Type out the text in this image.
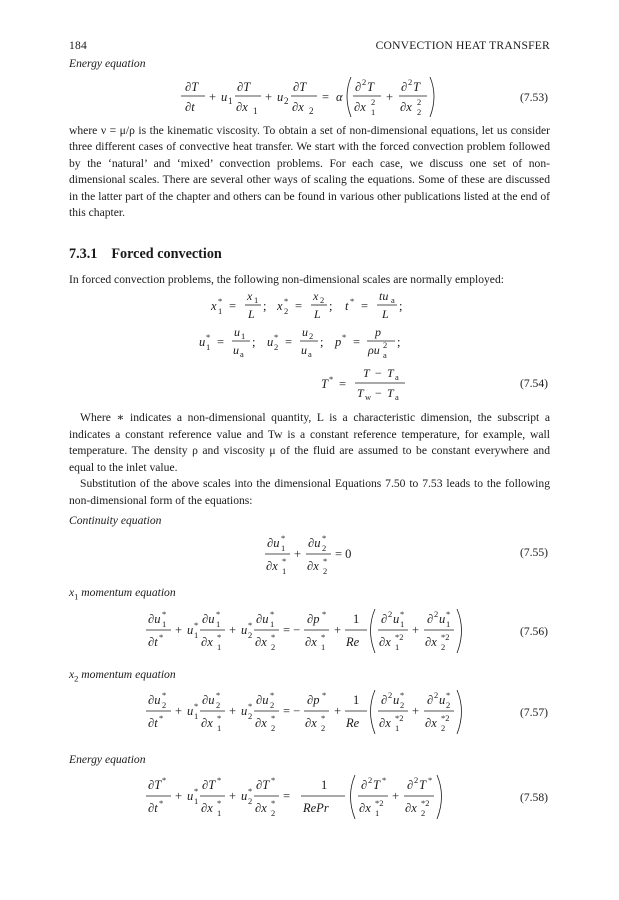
184	CONVECTION HEAT TRANSFER
Energy equation
∂T
∂t
+ u 1
∂T
∂x 1
+ u 2
∂T
∂x 2
= α
∂ 2 T
∂x 2
1
+
∂ 2 T
∂x 2
2
(7.53)

where ν = μ/ρ is the kinematic viscosity. To obtain a set of non-dimensional equations, let us consider three different cases of convective heat transfer. We start with the forced convection problem followed by the ‘natural’ and ‘mixed’ convection problems. For each case, we discuss one set of non-dimensional scales. There are several other ways of scaling the equations. Some of these are discussed in the latter part of the chapter and others can be found in various other publications listed at the end of this chapter.

7.3.1 Forced convection

In forced convection problems, the following non-dimensional scales are normally employed:

x *
1 =
x 1
L
; x *
2 =
x 2
L
; t * =
tu a
L
;
u *
1 =
u 1
u a
; u *
2 =
u 2
u a
; p * =
p
ρu 2
a
;
T * =
T − T a
T w − T a
(7.54)

Where ∗ indicates a non-dimensional quantity, L is a characteristic dimension, the subscript a indicates a constant reference value and Tw is a constant reference temperature, for example, wall temperature. The density ρ and viscosity μ of the fluid are assumed to be constant everywhere and equal to the inlet value.

Substitution of the above scales into the dimensional Equations 7.50 to 7.53 leads to the following non-dimensional form of the equations:

Continuity equation
∂u *
1
∂x *
1
+
∂u *
2
∂x *
2
= 0	(7.55)
$x_1$ momentum equation
∂u *
1
∂t * + u *
1
∂u *
1
∂x *
1
+ u *
2
∂u *
1
∂x *
2
= −
∂p *
∂x *
1
+
1
Re
∂ 2 u *
1
∂x *2
1
+
∂ 2 u *
1
∂x *2
2
(7.56)
$x_2$ momentum equation
∂u *
2
∂t * + u *
1
∂u *
2
∂x *
1
+ u *
2
∂u *
2
∂x *
2
= −
∂p *
∂x *
2
+
1
Re
∂ 2 u *
2
∂x *2
1
+
∂ 2 u *
2
∂x *2
2
(7.57)
Energy equation
∂T *
∂t * + u *
1
∂T *
∂x *
1
+ u *
2
∂T *
∂x *
2
=
1
RePr
∂ 2 T *
∂x *2
1
+
∂ 2 T *
∂x *2
2
(7.58)
